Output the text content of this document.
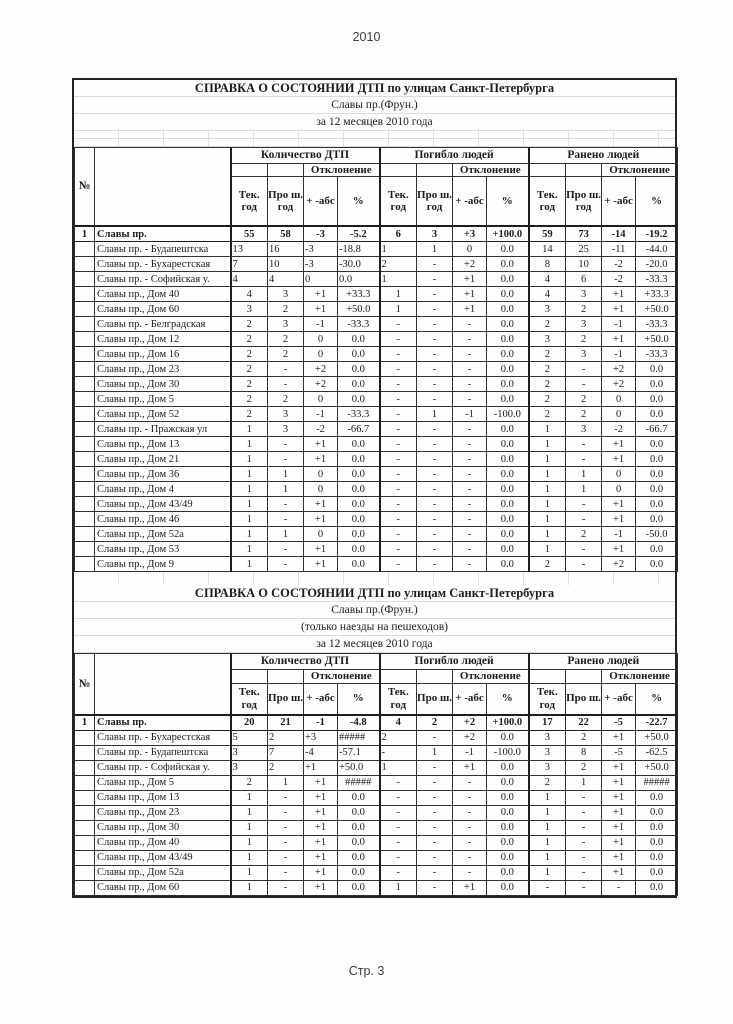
2010
СПРАВКА О СОСТОЯНИИ ДТП по улицам Санкт-Петербурга
Славы пр.(Фрун.)
за 12 месяцев 2010 года
№		Количество ДТП				Погибло людей				Ранено людей			
				Отклонение				Отклонение				Отклонение	
		Тек. год	Про ш. год	+ -абс	%	Тек. год	Про ш. год	+ -абс	%	Тек. год	Про ш. год	+ -абс	%
1	Славы пр.	55	58	-3	-5.2	6	3	+3	+100.0	59	73	-14	-19.2
	Славы пр. - Будапештска	13	16	-3	-18.8	1	1	0	0.0	14	25	-11	-44.0
	Славы пр. - Бухарестская	7	10	-3	-30.0	2	-	+2	0.0	8	10	-2	-20.0
	Славы пр. - Софийская у.	4	4	0	0.0	1	-	+1	0.0	4	6	-2	-33.3
	Славы пр., Дом 40	4	3	+1	+33.3	1	-	+1	0.0	4	3	+1	+33.3
	Славы пр., Дом 60	3	2	+1	+50.0	1	-	+1	0.0	3	2	+1	+50.0
	Славы пр. - Белградская	2	3	-1	-33.3	-	-	-	0.0	2	3	-1	-33.3
	Славы пр., Дом 12	2	2	0	0.0	-	-	-	0.0	3	2	+1	+50.0
	Славы пр., Дом 16	2	2	0	0.0	-	-	-	0.0	2	3	-1	-33.3
	Славы пр., Дом 23	2	-	+2	0.0	-	-	-	0.0	2	-	+2	0.0
	Славы пр., Дом 30	2	-	+2	0.0	-	-	-	0.0	2	-	+2	0.0
	Славы пр., Дом 5	2	2	0	0.0	-	-	-	0.0	2	2	0	0.0
	Славы пр., Дом 52	2	3	-1	-33.3	-	1	-1	-100.0	2	2	0	0.0
	Славы пр. - Пражская ул	1	3	-2	-66.7	-	-	-	0.0	1	3	-2	-66.7
	Славы пр., Дом 13	1	-	+1	0.0	-	-	-	0.0	1	-	+1	0.0
	Славы пр., Дом 21	1	-	+1	0.0	-	-	-	0.0	1	-	+1	0.0
	Славы пр., Дом 36	1	1	0	0.0	-	-	-	0.0	1	1	0	0.0
	Славы пр., Дом 4	1	1	0	0.0	-	-	-	0.0	1	1	0	0.0
	Славы пр., Дом 43/49	1	-	+1	0.0	-	-	-	0.0	1	-	+1	0.0
	Славы пр., Дом 46	1	-	+1	0.0	-	-	-	0.0	1	-	+1	0.0
	Славы пр., Дом 52а	1	1	0	0.0	-	-	-	0.0	1	2	-1	-50.0
	Славы пр., Дом 53	1	-	+1	0.0	-	-	-	0.0	1	-	+1	0.0
	Славы пр., Дом 9	1	-	+1	0.0	-	-	-	0.0	2	-	+2	0.0
СПРАВКА О СОСТОЯНИИ ДТП по улицам Санкт-Петербурга
Славы пр.(Фрун.)
(только наезды на пешеходов)
за 12 месяцев 2010 года
№		Количество ДТП				Погибло людей				Ранено людей			
				Отклонение				Отклонение				Отклонение	
		Тек. год	Про ш.	+ -абс	%	Тек. год	Про ш.	+ -абс	%	Тек. год	Про ш.	+ -абс	%
1	Славы пр.	20	21	-1	-4.8	4	2	+2	+100.0	17	22	-5	-22.7
	Славы пр. - Бухарестская	5	2	+3	#####	2	-	+2	0.0	3	2	+1	+50.0
	Славы пр. - Будапештска	3	7	-4	-57.1	-	1	-1	-100.0	3	8	-5	-62.5
	Славы пр. - Софийская у.	3	2	+1	+50.0	1	-	+1	0.0	3	2	+1	+50.0
	Славы пр., Дом 5	2	1	+1	#####	-	-	-	0.0	2	1	+1	#####
	Славы пр., Дом 13	1	-	+1	0.0	-	-	-	0.0	1	-	+1	0.0
	Славы пр., Дом 23	1	-	+1	0.0	-	-	-	0.0	1	-	+1	0.0
	Славы пр., Дом 30	1	-	+1	0.0	-	-	-	0.0	1	-	+1	0.0
	Славы пр., Дом 40	1	-	+1	0.0	-	-	-	0.0	1	-	+1	0.0
	Славы пр., Дом 43/49	1	-	+1	0.0	-	-	-	0.0	1	-	+1	0.0
	Славы пр., Дом 52а	1	-	+1	0.0	-	-	-	0.0	1	-	+1	0.0
	Славы пр., Дом 60	1	-	+1	0.0	1	-	+1	0.0	-	-	-	0.0
Стр. 3
